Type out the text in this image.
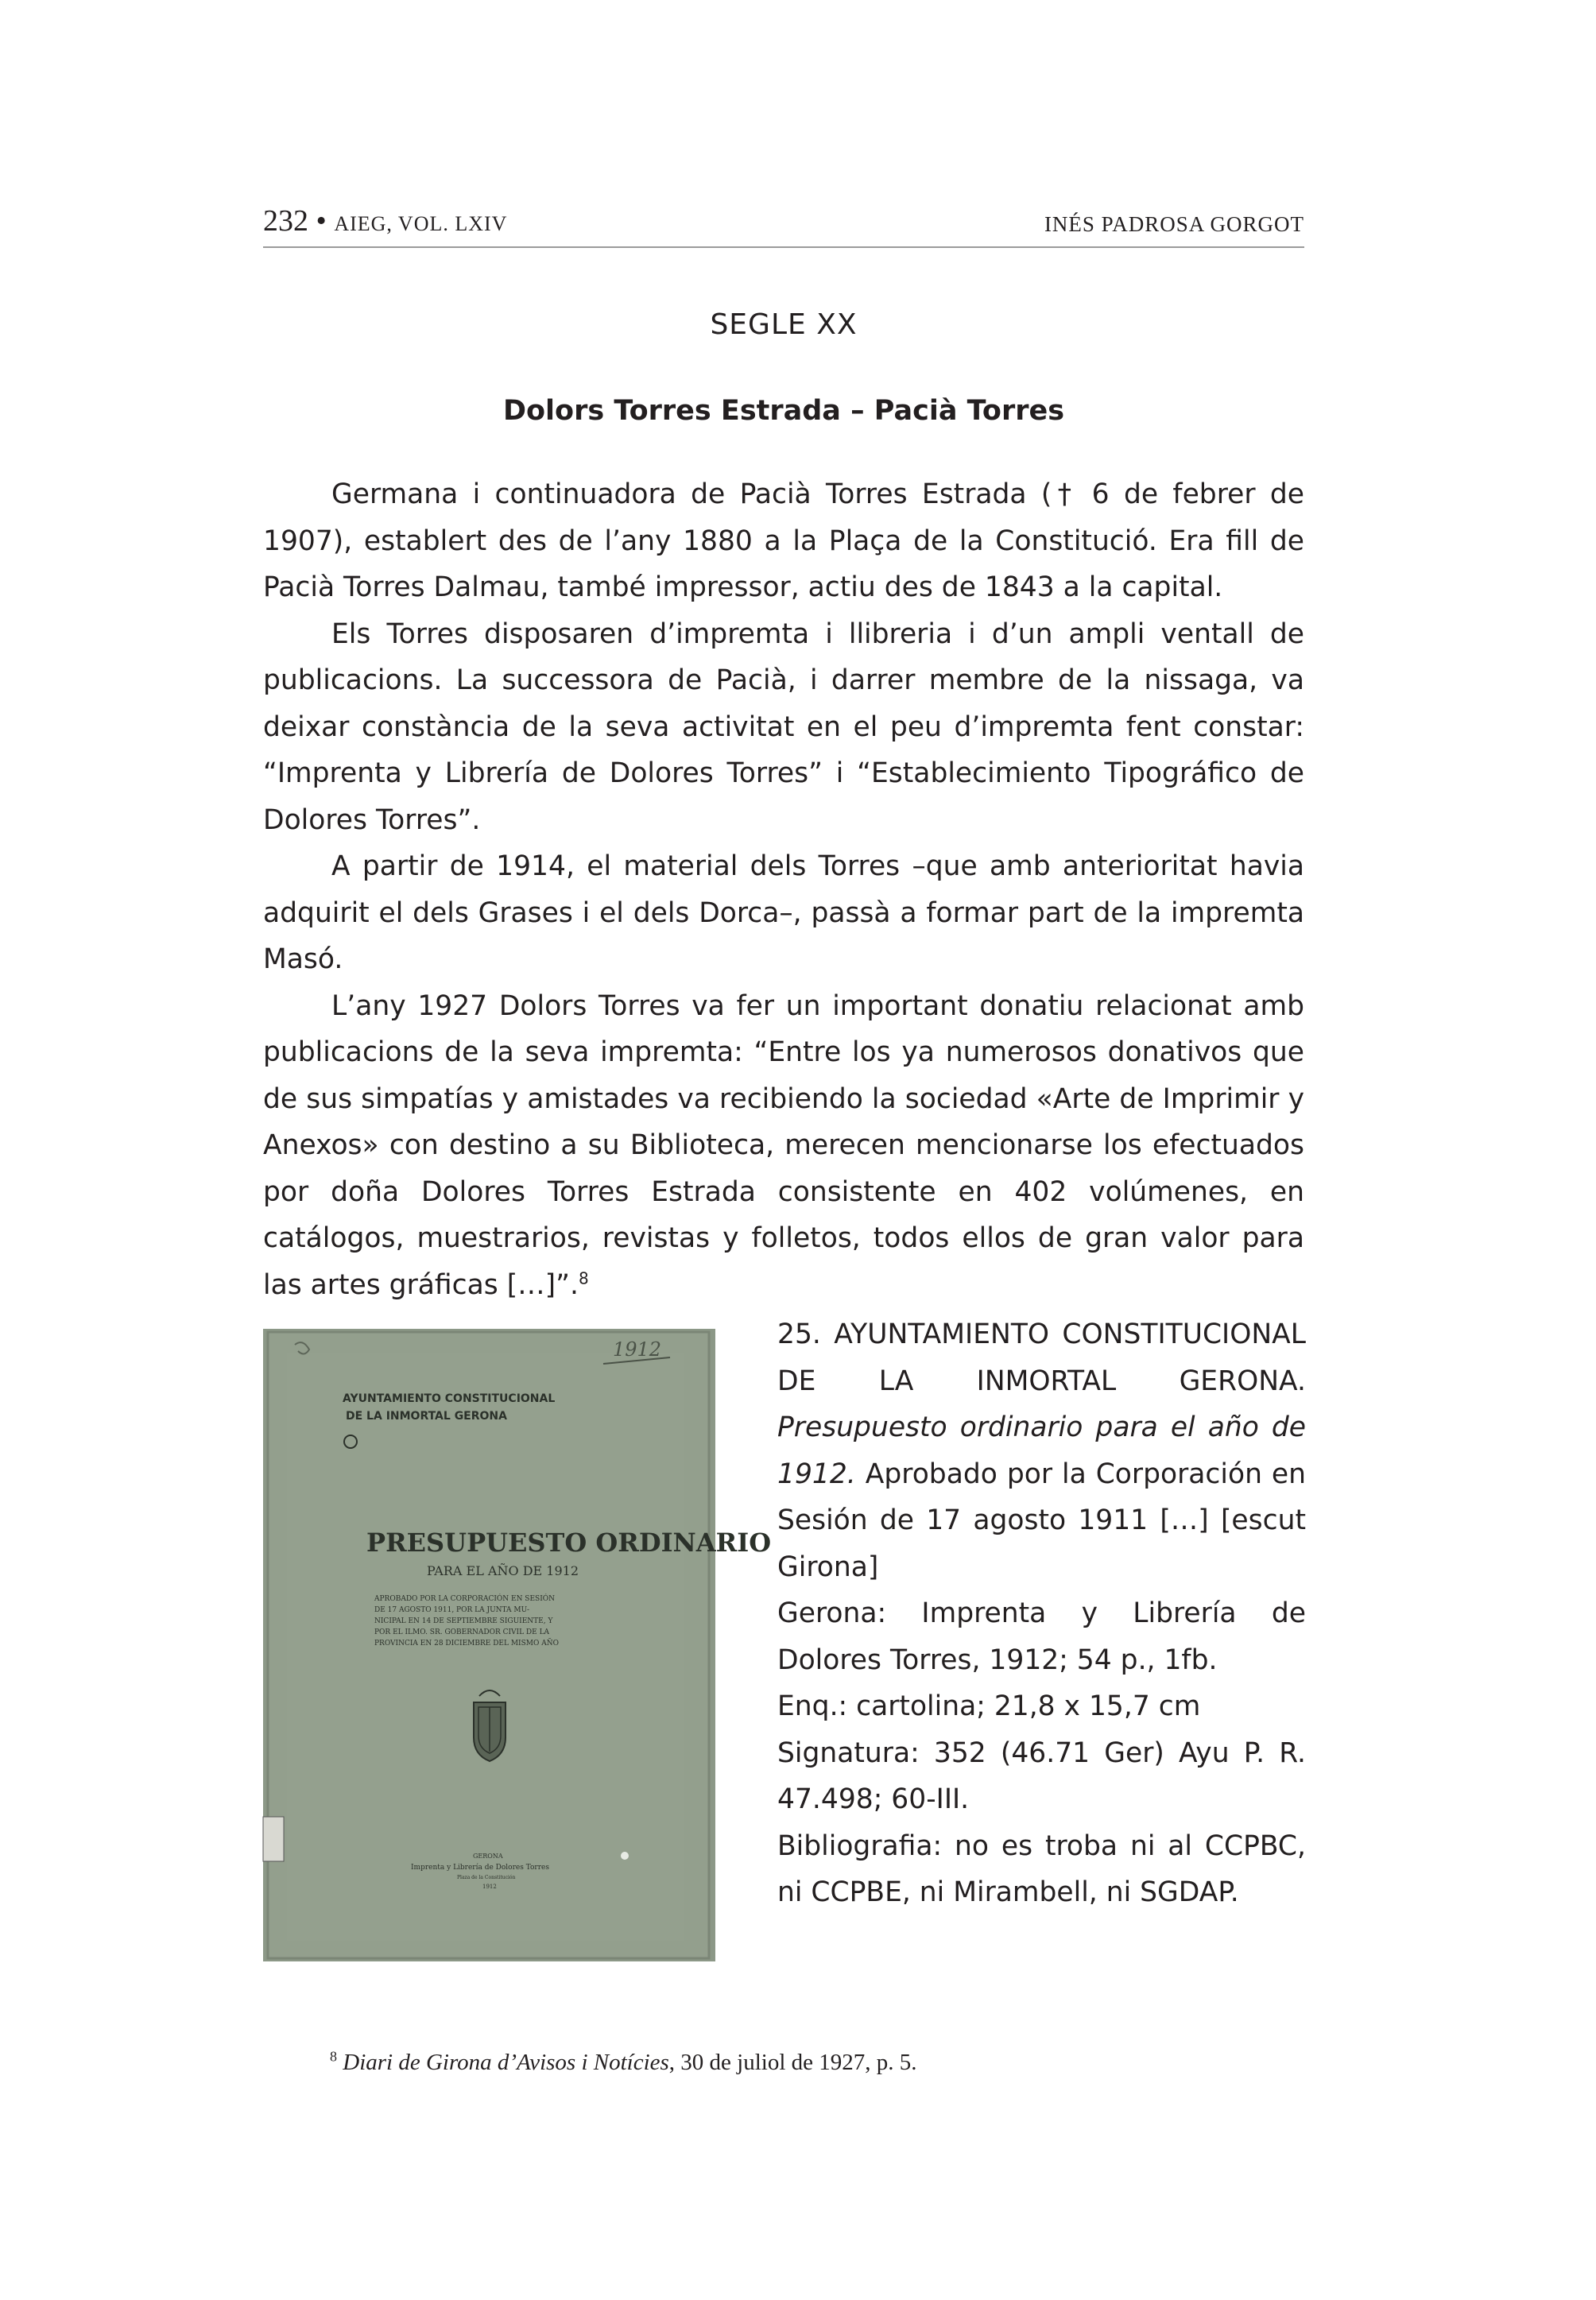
232 • AIEG, VOL. LXIV	INÉS PADROSA GORGOT
SEGLE XX
Dolors Torres Estrada – Pacià Torres

Germana i continuadora de Pacià Torres Estrada († 6 de febrer de 1907), establert des de l’any 1880 a la Plaça de la Constitució. Era fill de Pacià Torres Dalmau, també impressor, actiu des de 1843 a la capital.

Els Torres disposaren d’impremta i llibreria i d’un ampli ventall de publicacions. La successora de Pacià, i darrer membre de la nissaga, va deixar constància de la seva activitat en el peu d’impremta fent constar: “Imprenta y Librería de Dolores Torres” i “Establecimiento Tipográfico de Dolores Torres”.

A partir de 1914, el material dels Torres –que amb anterioritat havia adquirit el dels Grases i el dels Dorca–, passà a formar part de la impremta Masó.

L’any 1927 Dolors Torres va fer un important donatiu relacionat amb publicacions de la seva impremta: “Entre los ya numerosos donativos que de sus simpatías y amistades va recibiendo la sociedad «Arte de Imprimir y Anexos» con destino a su Biblioteca, merecen mencionarse los efectuados por doña Dolores Torres Estrada consistente en 402 volúmenes, en catálogos, muestrarios, revistas y folletos, todos ellos de gran valor para las artes gráficas […]”.$^8$

1912
AYUNTAMIENTO CONSTITUCIONAL
DE LA INMORTAL GERONA
PRESUPUESTO ORDINARIO
PARA EL AÑO DE 1912
APROBADO POR LA CORPORACIÓN EN SESIÓN
DE 17 AGOSTO 1911, POR LA JUNTA MU-
NICIPAL EN 14 DE SEPTIEMBRE SIGUIENTE, Y
POR EL ILMO. SR. GOBERNADOR CIVIL DE LA
PROVINCIA EN 28 DICIEMBRE DEL MISMO AÑO
GERONA
Imprenta y Librería de Dolores Torres
Plaza de la Constitución
1912
25. AYUNTAMIENTO CONSTITUCIONAL DE LA INMORTAL GERONA. Presupuesto ordinario para el año de 1912. Aprobado por la Corporación en Sesión de 17 agosto 1911 […] [escut Girona]
Gerona: Imprenta y Librería de Dolores Torres, 1912; 54 p., 1fb.
Enq.: cartolina; 21,8 x 15,7 cm
Signatura: 352 (46.71 Ger) Ayu P. R. 47.498; 60-III.
Bibliografia: no es troba ni al CCPBC, ni CCPBE, ni Mirambell, ni SGDAP.
$^8$ Diari de Girona d’Avisos i Notícies, 30 de juliol de 1927, p. 5.
